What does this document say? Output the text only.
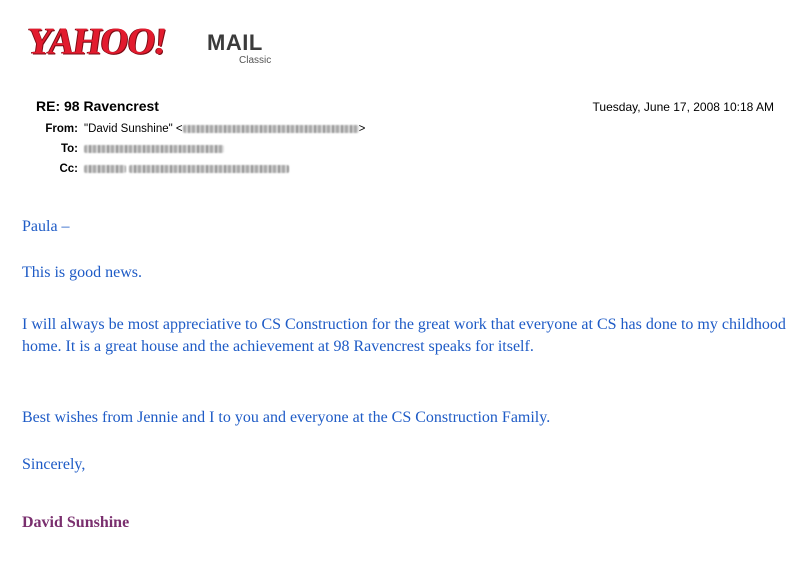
YAHOO! MAIL
Classic
RE: 98 Ravencrest	Tuesday, June 17, 2008 10:18 AM
From: "David Sunshine" <	>
To:
Cc:
Paula –
This is good news.
I will always be most appreciative to CS Construction for the great work that everyone at CS has done to my childhood home. It is a great house and the achievement at 98 Ravencrest speaks for itself.
Best wishes from Jennie and I to you and everyone at the CS Construction Family.
Sincerely,
David Sunshine
